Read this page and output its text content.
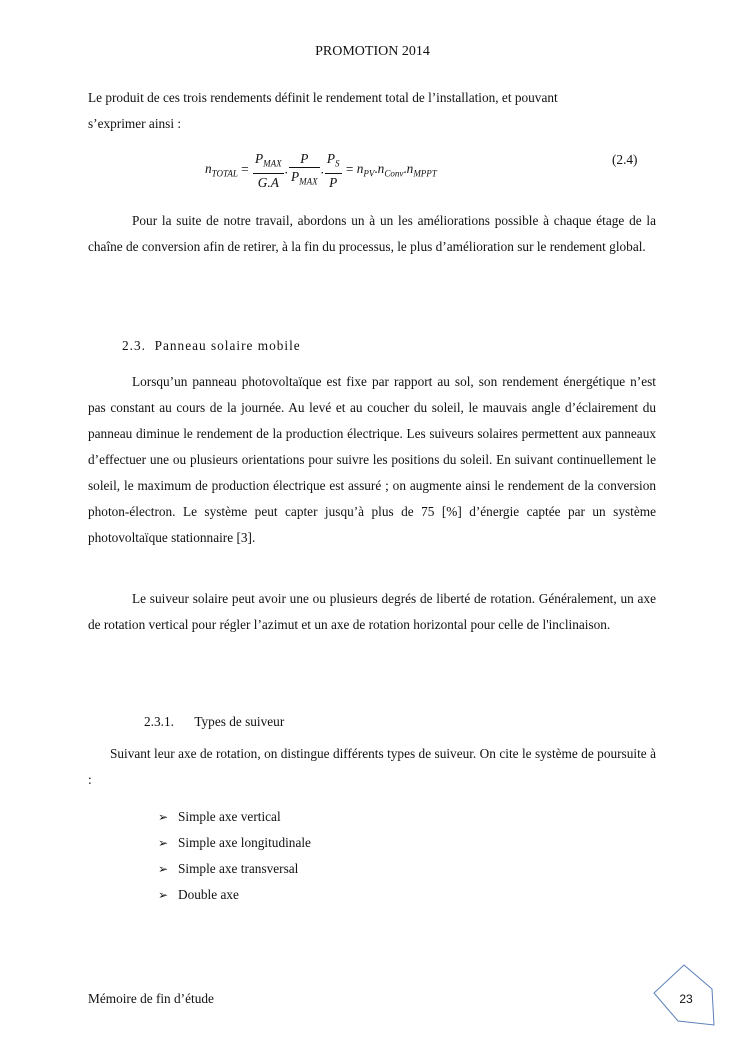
PROMOTION 2014

Le produit de ces trois rendements définit le rendement total de l’installation, et pouvant
s’exprimer ainsi :

$n_{TOTAL} = \frac{P_{MAX}}{G.A}$ . $\frac{P}{P_{MAX}}$ . $\frac{P_S}{P} = n_{PV}.n_{Conv}.n_{MPPT}$
(2.4)

Pour la suite de notre travail, abordons un à un les améliorations possible à chaque étage de la chaîne de conversion afin de retirer, à la fin du processus, le plus d’amélioration sur le rendement global.

2.3. Panneau solaire mobile

Lorsqu’un panneau photovoltaïque est fixe par rapport au sol, son rendement énergétique n’est pas constant au cours de la journée. Au levé et au coucher du soleil, le mauvais angle d’éclairement du panneau diminue le rendement de la production électrique. Les suiveurs solaires permettent aux panneaux d’effectuer une ou plusieurs orientations pour suivre les positions du soleil. En suivant continuellement le soleil, le maximum de production électrique est assuré ; on augmente ainsi le rendement de la conversion photon-électron. Le système peut capter jusqu’à plus de 75 [%] d’énergie captée par un système photovoltaïque stationnaire [3].

Le suiveur solaire peut avoir une ou plusieurs degrés de liberté de rotation. Généralement, un axe de rotation vertical pour régler l’azimut et un axe de rotation horizontal pour celle de l'inclinaison.

2.3.1. Types de suiveur

Suivant leur axe de rotation, on distingue différents types de suiveur. On cite le système de poursuite à :

➢ Simple axe vertical
➢ Simple axe longitudinale
➢ Simple axe transversal
➢ Double axe
Mémoire de fin d’étude	23
